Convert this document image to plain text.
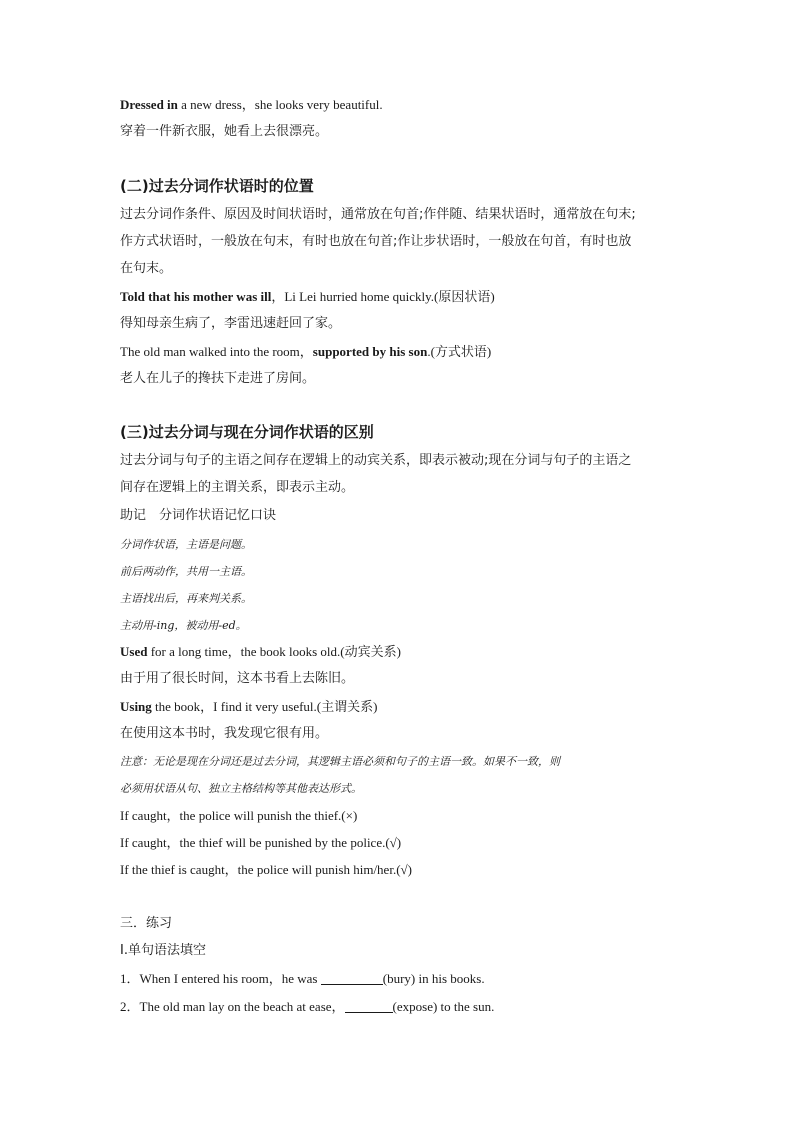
Dressed in a new dress，she looks very beautiful.
穿着一件新衣服，她看上去很漂亮。
(二)过去分词作状语时的位置
过去分词作条件、原因及时间状语时，通常放在句首;作伴随、结果状语时，通常放在句末;
作方式状语时，一般放在句末，有时也放在句首;作让步状语时，一般放在句首，有时也放
在句末。
Told that his mother was ill，Li Lei hurried home quickly.(原因状语)
得知母亲生病了，李雷迅速赶回了家。
The old man walked into the room，supported by his son.(方式状语)
老人在儿子的搀扶下走进了房间。
(三)过去分词与现在分词作状语的区别
过去分词与句子的主语之间存在逻辑上的动宾关系，即表示被动;现在分词与句子的主语之
间存在逻辑上的主谓关系，即表示主动。
助记　分词作状语记忆口诀
分词作状语，主语是问题。
前后两动作，共用一主语。
主语找出后，再来判关系。
主动用-ing，被动用-ed。
Used for a long time，the book looks old.(动宾关系)
由于用了很长时间，这本书看上去陈旧。
Using the book，I find it very useful.(主谓关系)
在使用这本书时，我发现它很有用。
注意：无论是现在分词还是过去分词，其逻辑主语必须和句子的主语一致。如果不一致，则
必须用状语从句、独立主格结构等其他表达形式。
If caught，the police will punish the thief.(×)
If caught，the thief will be punished by the police.(√)
If the thief is caught，the police will punish him/her.(√)
三．练习
Ⅰ.单句语法填空
1．When I entered his room，he was	(bury) in his books.
2．The old man lay on the beach at ease，	(expose) to the sun.
